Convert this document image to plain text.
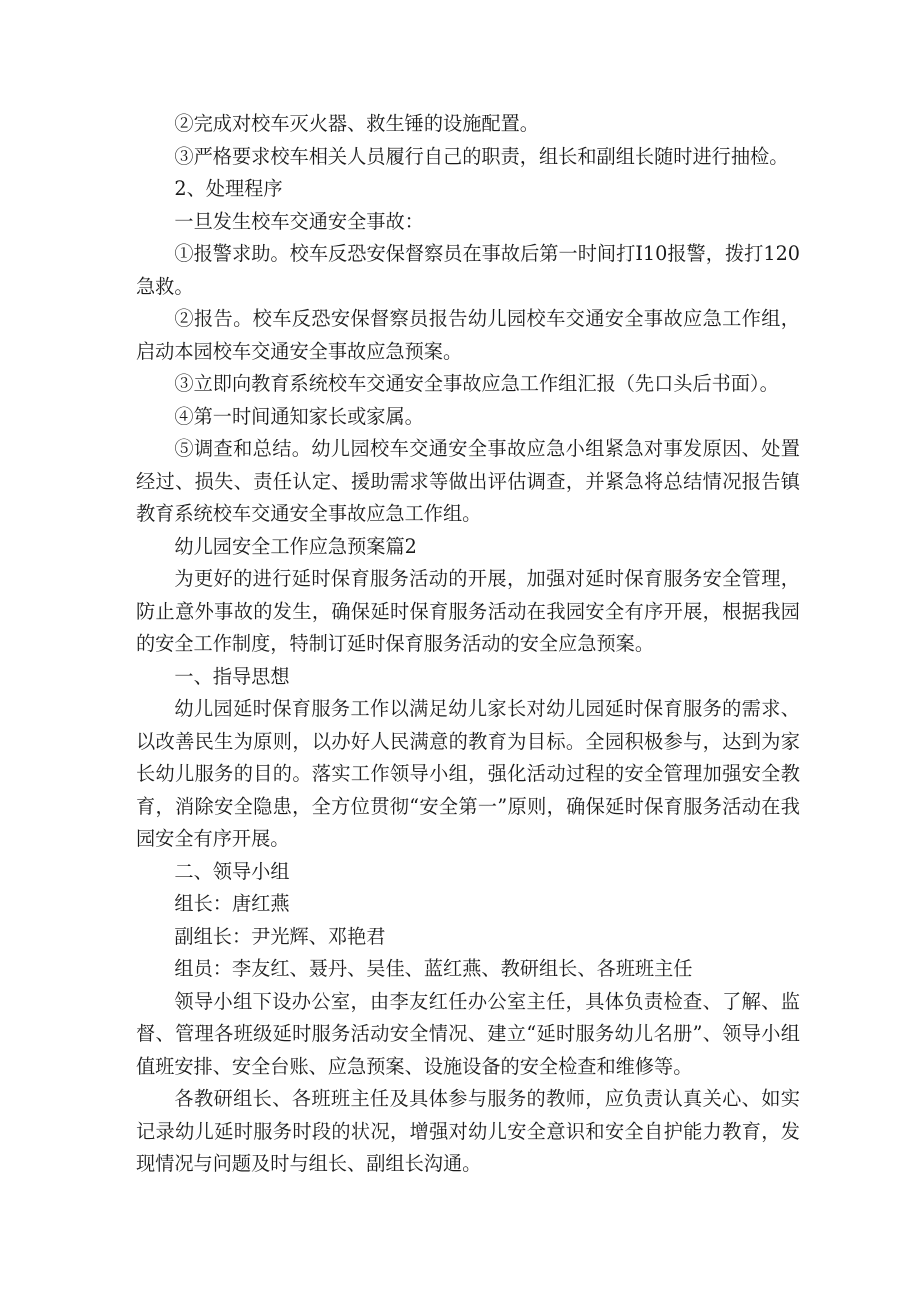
②完成对校车灭火器、救生锤的设施配置。

③严格要求校车相关人员履行自己的职责，组长和副组长随时进行抽检。

2、处理程序

一旦发生校车交通安全事故：

①报警求助。校车反恐安保督察员在事故后第一时间打I10报警，拨打120急救。

②报告。校车反恐安保督察员报告幼儿园校车交通安全事故应急工作组，启动本园校车交通安全事故应急预案。

③立即向教育系统校车交通安全事故应急工作组汇报（先口头后书面）。

④第一时间通知家长或家属。

⑤调查和总结。幼儿园校车交通安全事故应急小组紧急对事发原因、处置经过、损失、责任认定、援助需求等做出评估调查，并紧急将总结情况报告镇教育系统校车交通安全事故应急工作组。

幼儿园安全工作应急预案篇2

为更好的进行延时保育服务活动的开展，加强对延时保育服务安全管理，防止意外事故的发生，确保延时保育服务活动在我园安全有序开展，根据我园的安全工作制度，特制订延时保育服务活动的安全应急预案。

一、指导思想

幼儿园延时保育服务工作以满足幼儿家长对幼儿园延时保育服务的需求、以改善民生为原则，以办好人民满意的教育为目标。全园积极参与，达到为家长幼儿服务的目的。落实工作领导小组，强化活动过程的安全管理加强安全教育，消除安全隐患，全方位贯彻“安全第一”原则，确保延时保育服务活动在我园安全有序开展。

二、领导小组

组长：唐红燕

副组长：尹光辉、邓艳君

组员：李友红、聂丹、吴佳、蓝红燕、教研组长、各班班主任

领导小组下设办公室，由李友红任办公室主任，具体负责检查、了解、监督、管理各班级延时服务活动安全情况、建立“延时服务幼儿名册”、领导小组值班安排、安全台账、应急预案、设施设备的安全检查和维修等。

各教研组长、各班班主任及具体参与服务的教师，应负责认真关心、如实记录幼儿延时服务时段的状况，增强对幼儿安全意识和安全自护能力教育，发现情况与问题及时与组长、副组长沟通。
